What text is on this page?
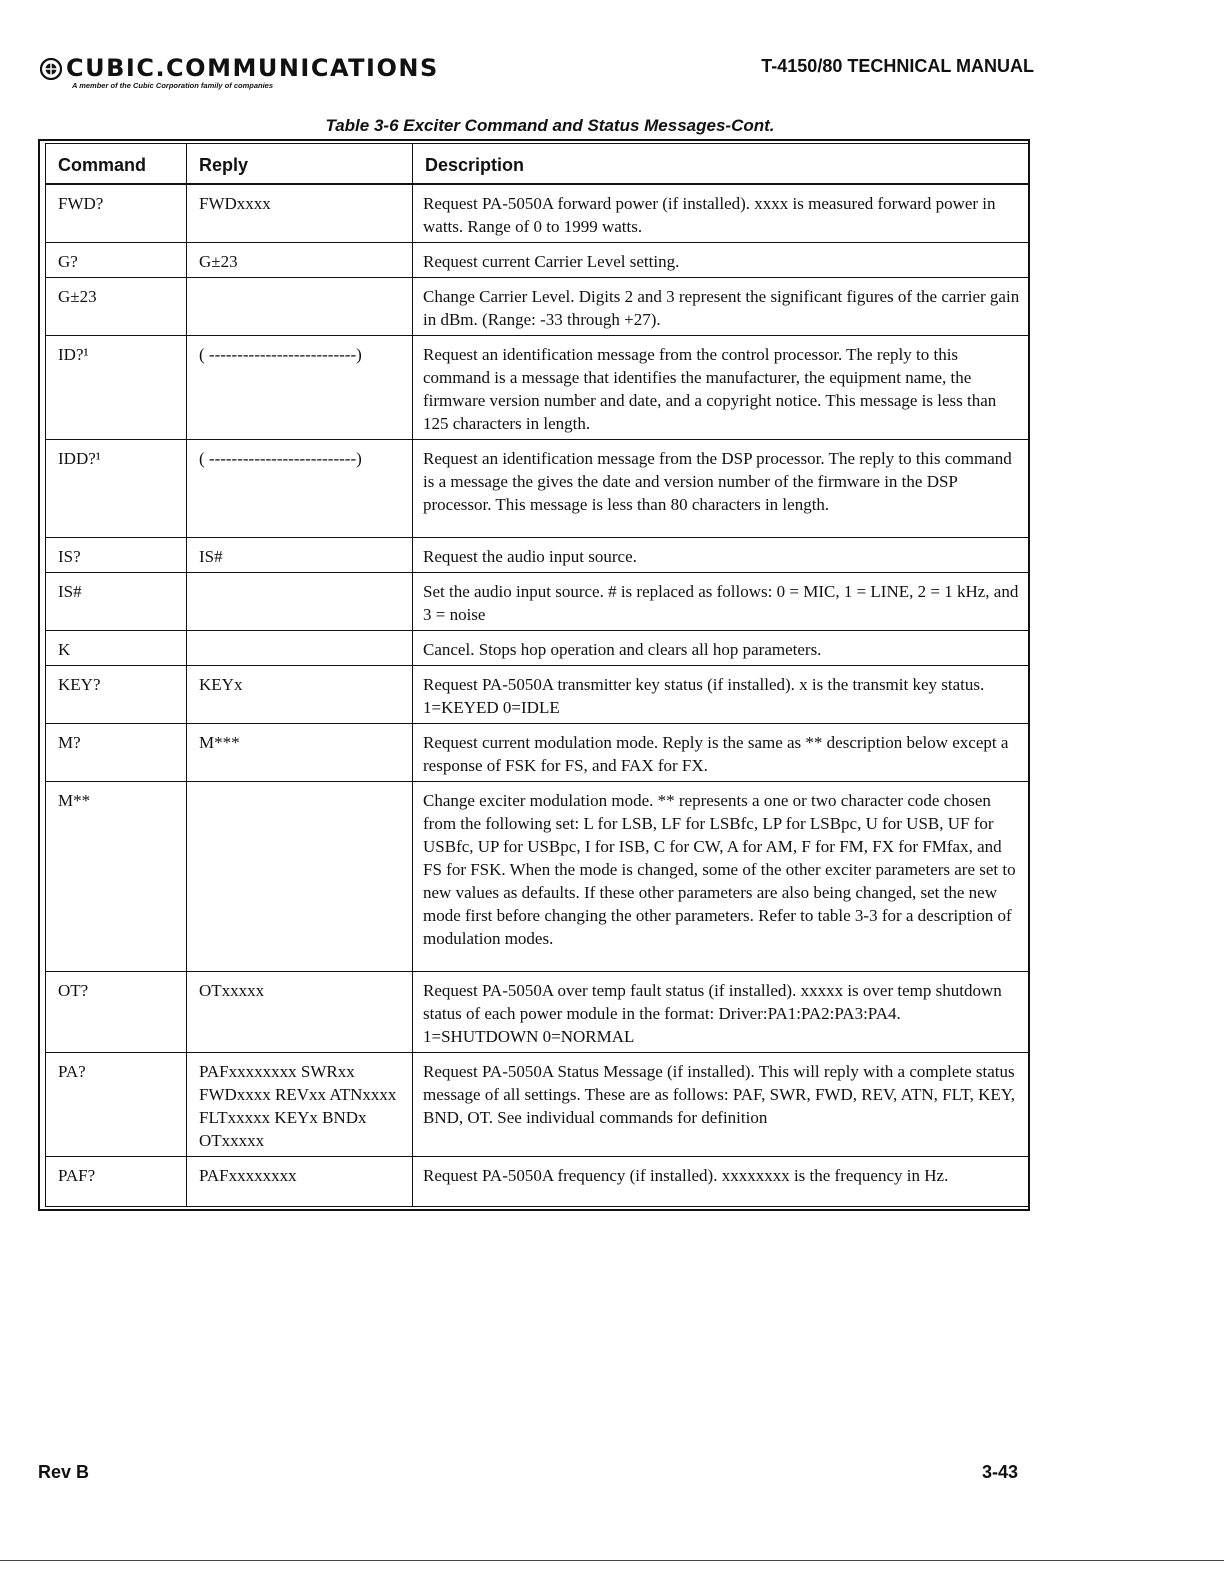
CUBIC.COMMUNICATIONS
A member of the Cubic Corporation family of companies
T-4150/80 TECHNICAL MANUAL
Table 3-6 Exciter Command and Status Messages-Cont.
Command	Reply	Description
FWD?	FWDxxxx	Request PA-5050A forward power (if installed). xxxx is measured forward power in watts. Range of 0 to 1999 watts.
G?	G±23	Request current Carrier Level setting.
G±23		Change Carrier Level. Digits 2 and 3 represent the significant figures of the carrier gain in dBm. (Range: -33 through +27).
ID?¹	( --------------------------)	Request an identification message from the control processor. The reply to this command is a message that identifies the manufacturer, the equipment name, the firmware version number and date, and a copyright notice. This message is less than 125 characters in length.
IDD?¹	( --------------------------)	Request an identification message from the DSP processor. The reply to this command is a message the gives the date and version number of the firmware in the DSP processor. This message is less than 80 characters in length.
IS?	IS#	Request the audio input source.
IS#		Set the audio input source. # is replaced as follows: 0 = MIC, 1 = LINE, 2 = 1 kHz, and 3 = noise
K		Cancel. Stops hop operation and clears all hop parameters.
KEY?	KEYx	Request PA-5050A transmitter key status (if installed). x is the transmit key status. 1=KEYED 0=IDLE
M?	M***	Request current modulation mode. Reply is the same as ** description below except a response of FSK for FS, and FAX for FX.
M**		Change exciter modulation mode. ** represents a one or two character code chosen from the following set: L for LSB, LF for LSBfc, LP for LSBpc, U for USB, UF for USBfc, UP for USBpc, I for ISB, C for CW, A for AM, F for FM, FX for FMfax, and FS for FSK. When the mode is changed, some of the other exciter parameters are set to new values as defaults. If these other parameters are also being changed, set the new mode first before changing the other parameters. Refer to table 3-3 for a description of modulation modes.
OT?	OTxxxxx	Request PA-5050A over temp fault status (if installed). xxxxx is over temp shutdown status of each power module in the format: Driver:PA1:PA2:PA3:PA4. 1=SHUTDOWN 0=NORMAL
PA?	PAFxxxxxxxx SWRxx FWDxxxx REVxx ATNxxxx FLTxxxxx KEYx BNDx OTxxxxx	Request PA-5050A Status Message (if installed). This will reply with a complete status message of all settings. These are as follows: PAF, SWR, FWD, REV, ATN, FLT, KEY, BND, OT. See individual commands for definition
PAF?	PAFxxxxxxxx	Request PA-5050A frequency (if installed). xxxxxxxx is the frequency in Hz.
Rev B	3-43
